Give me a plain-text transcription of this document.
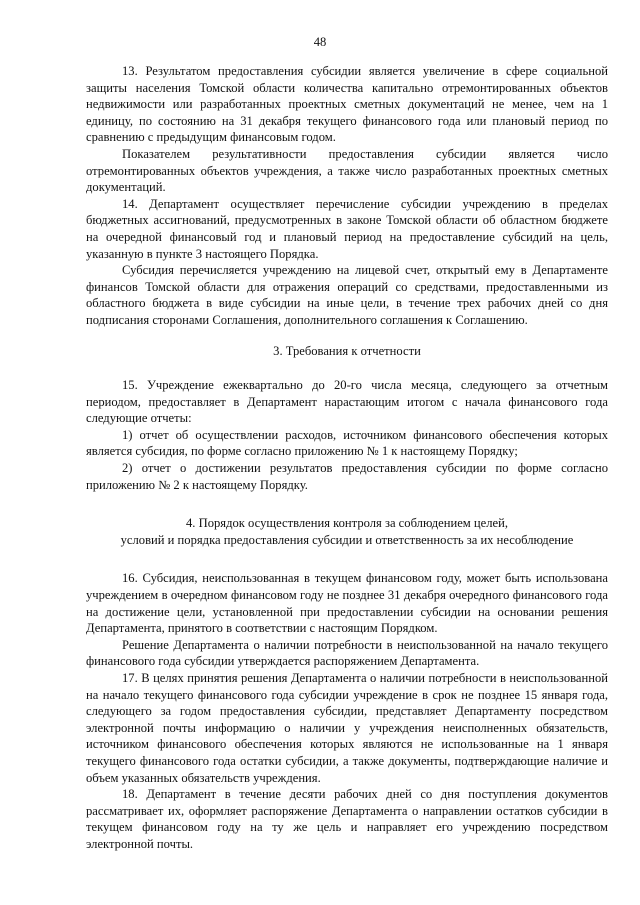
48

13. Результатом предоставления субсидии является увеличение в сфере социальной защиты населения Томской области количества капитально отремонтированных объектов недвижимости или разработанных проектных сметных документаций не менее, чем на 1 единицу, по состоянию на 31 декабря текущего финансового года или плановый период по сравнению с предыдущим финансовым годом.

Показателем результативности предоставления субсидии является число отремонтированных объектов учреждения, а также число разработанных проектных сметных документаций.

14. Департамент осуществляет перечисление субсидии учреждению в пределах бюджетных ассигнований, предусмотренных в законе Томской области об областном бюджете на очередной финансовый год и плановый период на предоставление субсидий на цель, указанную в пункте 3 настоящего Порядка.

Субсидия перечисляется учреждению на лицевой счет, открытый ему в Департаменте финансов Томской области для отражения операций со средствами, предоставленными из областного бюджета в виде субсидии на иные цели, в течение трех рабочих дней со дня подписания сторонами Соглашения, дополнительного соглашения к Соглашению.

3. Требования к отчетности

15. Учреждение ежеквартально до 20-го числа месяца, следующего за отчетным периодом, предоставляет в Департамент нарастающим итогом с начала финансового года следующие отчеты:

1) отчет об осуществлении расходов, источником финансового обеспечения которых является субсидия, по форме согласно приложению № 1 к настоящему Порядку;

2) отчет о достижении результатов предоставления субсидии по форме согласно приложению № 2 к настоящему Порядку.

4. Порядок осуществления контроля за соблюдением целей,

условий и порядка предоставления субсидии и ответственность за их несоблюдение

16. Субсидия, неиспользованная в текущем финансовом году, может быть использована учреждением в очередном финансовом году не позднее 31 декабря очередного финансового года на достижение цели, установленной при предоставлении субсидии на основании решения Департамента, принятого в соответствии с настоящим Порядком.

Решение Департамента о наличии потребности в неиспользованной на начало текущего финансового года субсидии утверждается распоряжением Департамента.

17. В целях принятия решения Департамента о наличии потребности в неиспользованной на начало текущего финансового года субсидии учреждение в срок не позднее 15 января года, следующего за годом предоставления субсидии, представляет Департаменту посредством электронной почты информацию о наличии у учреждения неисполненных обязательств, источником финансового обеспечения которых являются не использованные на 1 января текущего финансового года остатки субсидии, а также документы, подтверждающие наличие и объем указанных обязательств учреждения.

18. Департамент в течение десяти рабочих дней со дня поступления документов рассматривает их, оформляет распоряжение Департамента о направлении остатков субсидии в текущем финансовом году на ту же цель и направляет его учреждению посредством электронной почты.
